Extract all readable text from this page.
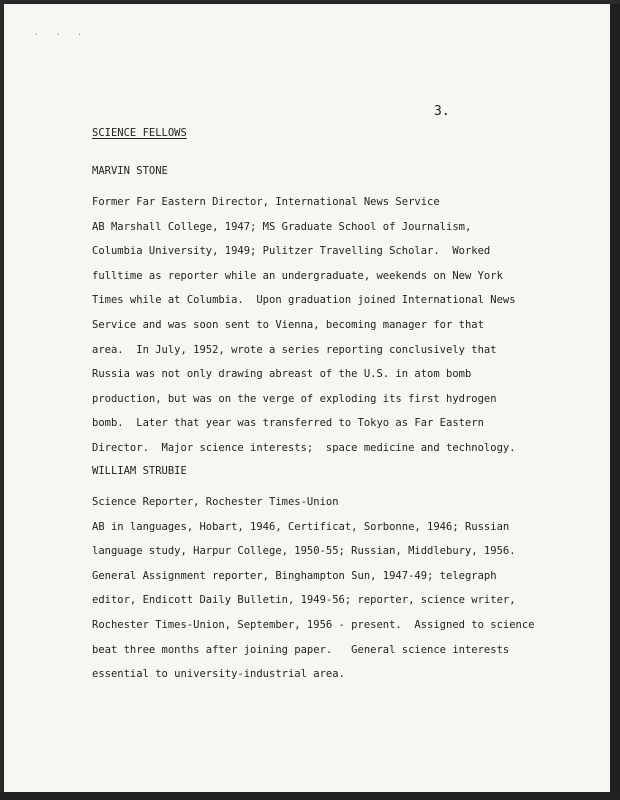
· · ·
3.
SCIENCE FELLOWS

MARVIN STONE

Former Far Eastern Director, International News Service

AB Marshall College, 1947; MS Graduate School of Journalism,

Columbia University, 1949; Pulitzer Travelling Scholar.  Worked

fulltime as reporter while an undergraduate, weekends on New York

Times while at Columbia.  Upon graduation joined International News

Service and was soon sent to Vienna, becoming manager for that

area.  In July, 1952, wrote a series reporting conclusively that

Russia was not only drawing abreast of the U.S. in atom bomb

production, but was on the verge of exploding its first hydrogen

bomb.  Later that year was transferred to Tokyo as Far Eastern

Director.  Major science interests;  space medicine and technology.

WILLIAM STRUBIE

Science Reporter, Rochester Times-Union

AB in languages, Hobart, 1946, Certificat, Sorbonne, 1946; Russian

language study, Harpur College, 1950-55; Russian, Middlebury, 1956.

General Assignment reporter, Binghampton Sun, 1947-49; telegraph

editor, Endicott Daily Bulletin, 1949-56; reporter, science writer,

Rochester Times-Union, September, 1956 - present.  Assigned to science

beat three months after joining paper.   General science interests

essential to university-industrial area.
